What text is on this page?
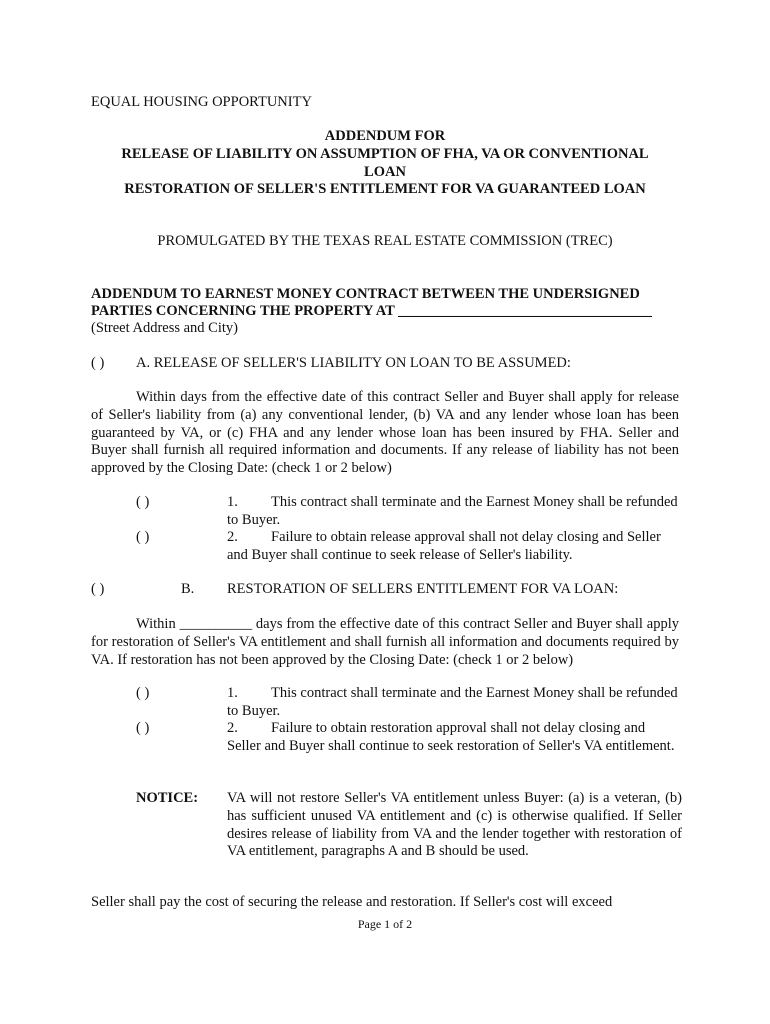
EQUAL HOUSING OPPORTUNITY
ADDENDUM FOR
RELEASE OF LIABILITY ON ASSUMPTION OF FHA, VA OR CONVENTIONAL
LOAN
RESTORATION OF SELLER'S ENTITLEMENT FOR VA GUARANTEED LOAN
PROMULGATED BY THE TEXAS REAL ESTATE COMMISSION (TREC)
ADDENDUM TO EARNEST MONEY CONTRACT BETWEEN THE UNDERSIGNED
PARTIES CONCERNING THE PROPERTY AT ___________________________________
(Street Address and City)
( ) A. RELEASE OF SELLER'S LIABILITY ON LOAN TO BE ASSUMED:
Within days from the effective date of this contract Seller and Buyer shall apply for release of Seller's liability from (a) any conventional lender, (b) VA and any lender whose loan has been guaranteed by VA, or (c) FHA and any lender whose loan has been insured by FHA. Seller and Buyer shall furnish all required information and documents. If any release of liability has not been approved by the Closing Date: (check 1 or 2 below)
( )	1. This contract shall terminate and the Earnest Money shall be refunded to Buyer.
( )	2. Failure to obtain release approval shall not delay closing and Seller and Buyer shall continue to seek release of Seller's liability.
( )	B. RESTORATION OF SELLERS ENTITLEMENT FOR VA LOAN:
Within __________ days from the effective date of this contract Seller and Buyer shall apply for restoration of Seller's VA entitlement and shall furnish all information and documents required by VA. If restoration has not been approved by the Closing Date: (check 1 or 2 below)
( )	1. This contract shall terminate and the Earnest Money shall be refunded to Buyer.
( )	2. Failure to obtain restoration approval shall not delay closing and Seller and Buyer shall continue to seek restoration of Seller's VA entitlement.
NOTICE: VA will not restore Seller's VA entitlement unless Buyer: (a) is a veteran, (b) has sufficient unused VA entitlement and (c) is otherwise qualified. If Seller desires release of liability from VA and the lender together with restoration of VA entitlement, paragraphs A and B should be used.
Seller shall pay the cost of securing the release and restoration. If Seller's cost will exceed
Page 1 of 2
